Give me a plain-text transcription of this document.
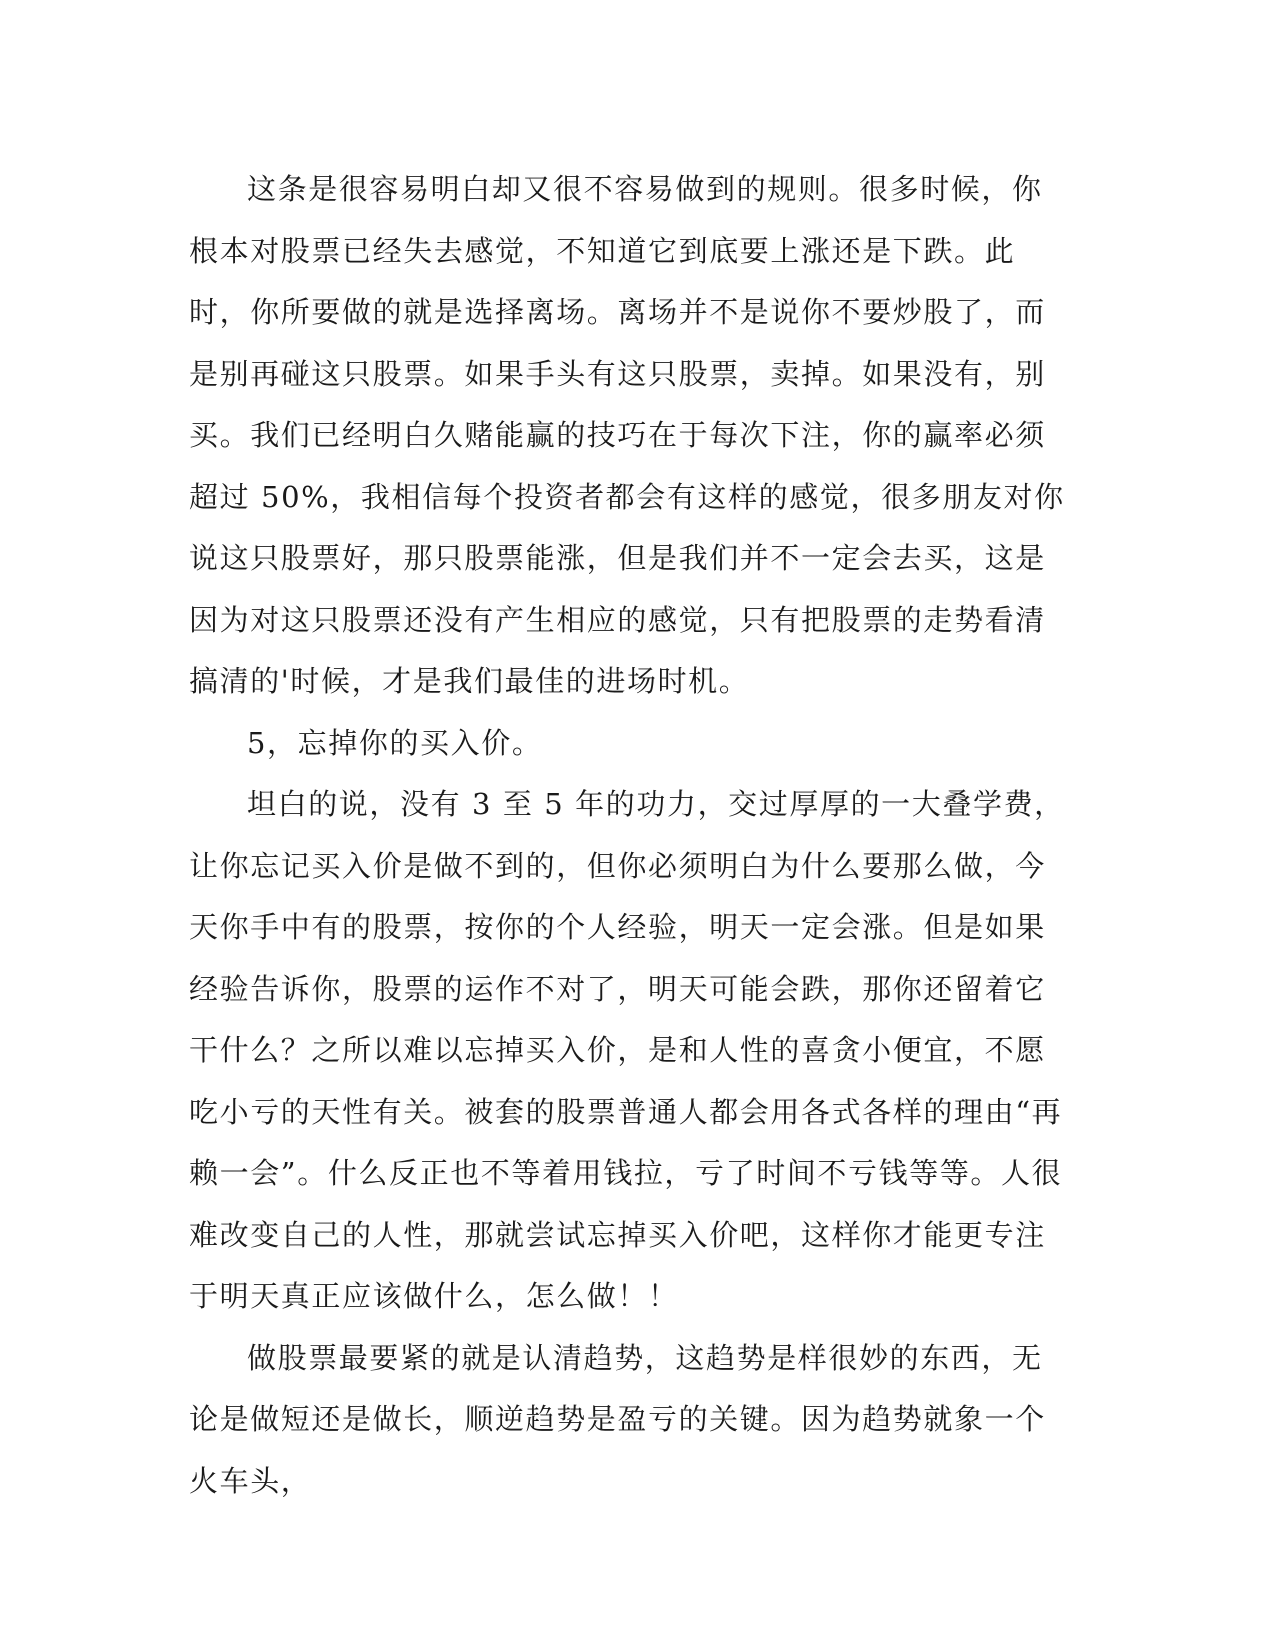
这条是很容易明白却又很不容易做到的规则。很多时候，你根本对股票已经失去感觉，不知道它到底要上涨还是下跌。此时，你所要做的就是选择离场。离场并不是说你不要炒股了，而是别再碰这只股票。如果手头有这只股票，卖掉。如果没有，别买。我们已经明白久赌能赢的技巧在于每次下注，你的赢率必须超过 50%，我相信每个投资者都会有这样的感觉，很多朋友对你说这只股票好，那只股票能涨，但是我们并不一定会去买，这是因为对这只股票还没有产生相应的感觉，只有把股票的走势看清搞清的'时候，才是我们最佳的进场时机。

5，忘掉你的买入价。

坦白的说，没有 3 至 5 年的功力，交过厚厚的一大叠学费，让你忘记买入价是做不到的，但你必须明白为什么要那么做，今天你手中有的股票，按你的个人经验，明天一定会涨。但是如果经验告诉你，股票的运作不对了，明天可能会跌，那你还留着它干什么？之所以难以忘掉买入价，是和人性的喜贪小便宜，不愿吃小亏的天性有关。被套的股票普通人都会用各式各样的理由“再赖一会”。什么反正也不等着用钱拉，亏了时间不亏钱等等。人很难改变自己的人性，那就尝试忘掉买入价吧，这样你才能更专注于明天真正应该做什么，怎么做！！

做股票最要紧的就是认清趋势，这趋势是样很妙的东西，无论是做短还是做长，顺逆趋势是盈亏的关键。因为趋势就象一个火车头，
